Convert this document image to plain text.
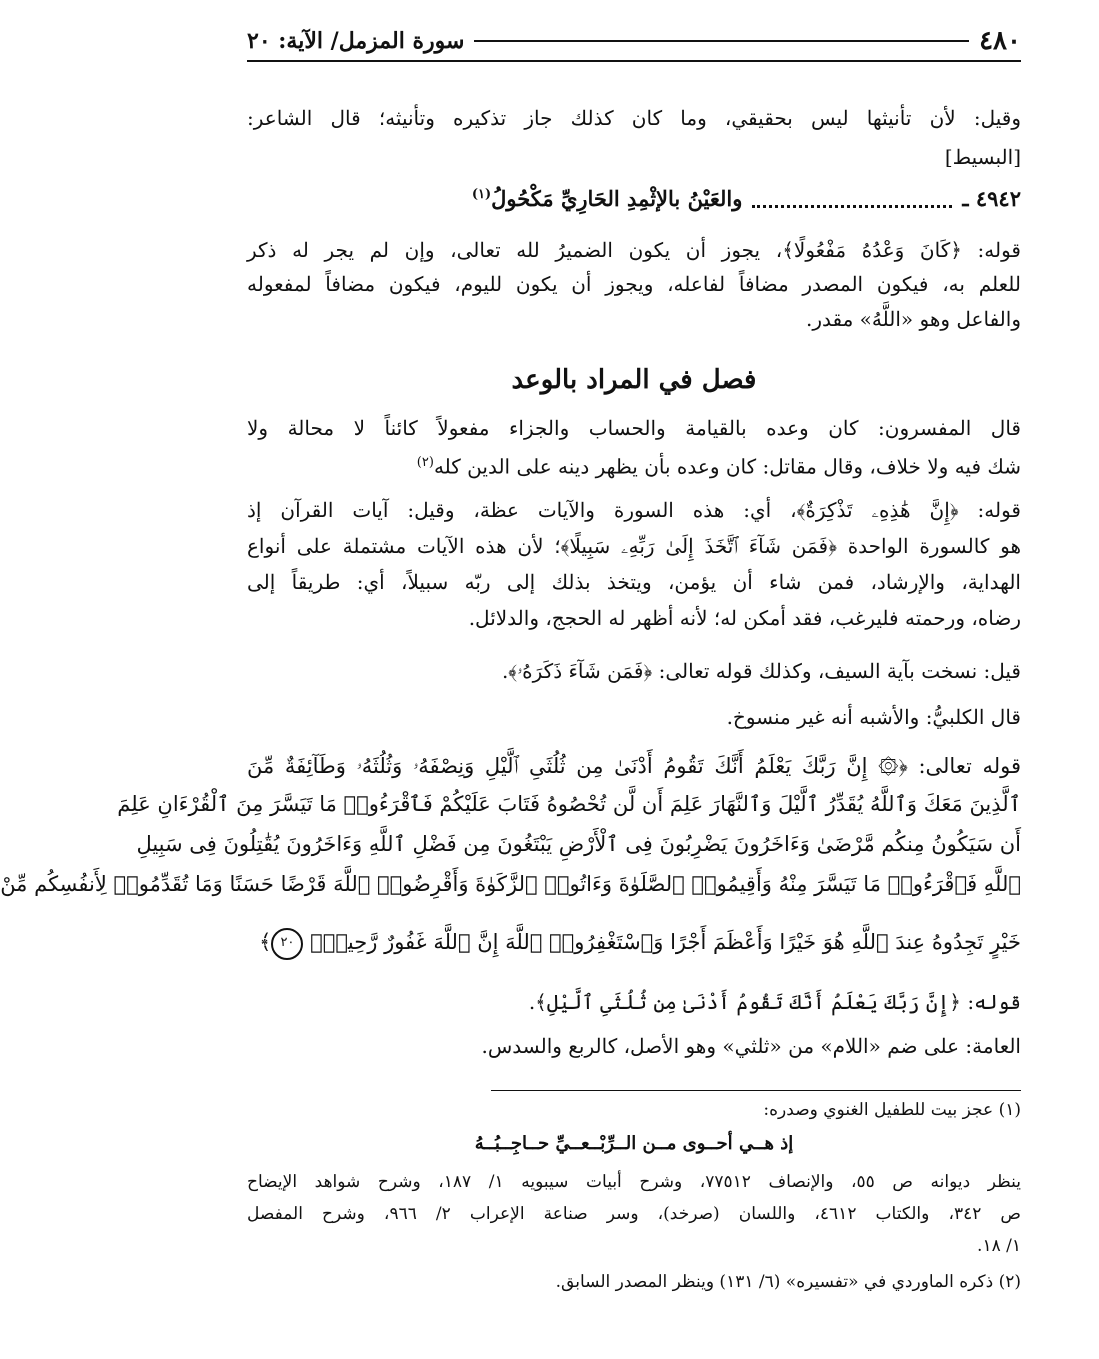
٤٨٠
سورة المزمل/ الآية: ٢٠
وقيل: لأن تأنيثها ليس بحقيقي، وما كان كذلك جاز تذكيره وتأنيثه؛ قال الشاعر:
[البسيط]
٤٩٤٢ ـ
والعَيْنُ بالإثْمِدِ الحَارِيِّ مَكْحُولُ$^{(١)}$
قوله: ﴿كَانَ وَعْدُهُ مَفْعُولًا﴾، يجوز أن يكون الضميرُ لله تعالى، وإن لم يجر له ذكر
للعلم به، فيكون المصدر مضافاً لفاعله، ويجوز أن يكون لليوم، فيكون مضافاً لمفعوله
والفاعل وهو «اللَّهُ» مقدر.
فصل في المراد بالوعد
قال المفسرون: كان وعده بالقيامة والحساب والجزاء مفعولاً كائناً لا محالة ولا
شك فيه ولا خلاف، وقال مقاتل: كان وعده بأن يظهر دينه على الدين كله$^{(٢)}$
قوله: ﴿إِنَّ هَٰذِهِۦ تَذْكِرَةٌ﴾، أي: هذه السورة والآيات عظة، وقيل: آيات القرآن إذ
هو كالسورة الواحدة ﴿فَمَن شَآءَ ٱتَّخَذَ إِلَىٰ رَبِّهِۦ سَبِيلًا﴾؛ لأن هذه الآيات مشتملة على أنواع
الهداية، والإرشاد، فمن شاء أن يؤمن، ويتخذ بذلك إلى ربّه سبيلاً، أي: طريقاً إلى
رضاه، ورحمته فليرغب، فقد أمكن له؛ لأنه أظهر له الحجج، والدلائل.
قيل: نسخت بآية السيف، وكذلك قوله تعالى: ﴿فَمَن شَآءَ ذَكَرَهُۥ﴾.
قال الكلبيُّ: والأشبه أنه غير منسوخ.
قوله تعالى: ﴿۞ إِنَّ رَبَّكَ يَعْلَمُ أَنَّكَ تَقُومُ أَدْنَىٰ مِن ثُلُثَىِ ٱلَّيْلِ وَنِصْفَهُۥ وَثُلُثَهُۥ وَطَآئِفَةٌ مِّنَ
ٱلَّذِينَ مَعَكَ وَٱللَّهُ يُقَدِّرُ ٱلَّيْلَ وَٱلنَّهَارَ عَلِمَ أَن لَّن تُحْصُوهُ فَتَابَ عَلَيْكُمْ فَٱقْرَءُوا۟ مَا تَيَسَّرَ مِنَ ٱلْقُرْءَانِ عَلِمَ
أَن سَيَكُونُ مِنكُم مَّرْضَىٰ وَءَاخَرُونَ يَضْرِبُونَ فِى ٱلْأَرْضِ يَبْتَغُونَ مِن فَضْلِ ٱللَّهِ وَءَاخَرُونَ يُقَٰتِلُونَ فِى سَبِيلِ
ٱللَّهِ فَٱقْرَءُوا۟ مَا تَيَسَّرَ مِنْهُ وَأَقِيمُوا۟ ٱلصَّلَوٰةَ وَءَاتُوا۟ ٱلزَّكَوٰةَ وَأَقْرِضُوا۟ ٱللَّهَ قَرْضًا حَسَنًا وَمَا تُقَدِّمُوا۟ لِأَنفُسِكُم مِّنْ
خَيْرٍ تَجِدُوهُ عِندَ ٱللَّهِ هُوَ خَيْرًا وَأَعْظَمَ أَجْرًا وَٱسْتَغْفِرُوا۟ ٱللَّهَ إِنَّ ٱللَّهَ غَفُورٌ رَّحِيمٌۢ ٢٠﴾
قوله: ﴿إِنَّ رَبَّكَ يَعْلَمُ أَنَّكَ تَقُومُ أَدْنَىٰ مِن ثُلُثَىِ ٱلَّيْلِ﴾.
العامة: على ضم «اللام» من «ثلثي» وهو الأصل، كالربع والسدس.
(١) عجز بيت للطفيل الغنوي وصدره:
إذ هــي أحــوى مــن الــرِّبْــعــيِّ حــاجِــبُــهُ
ينظر ديوانه ص ٥٥، والإنصاف ٧٧٥١٢، وشرح أبيات سيبويه ١/ ١٨٧، وشرح شواهد الإيضاح
ص ٣٤٢، والكتاب ٤٦١٢، واللسان (صرخد)، وسر صناعة الإعراب ٢/ ٩٦٦، وشرح المفصل
١/ ١٨.
(٢) ذكره الماوردي في «تفسيره» (٦/ ١٣١) وينظر المصدر السابق.
